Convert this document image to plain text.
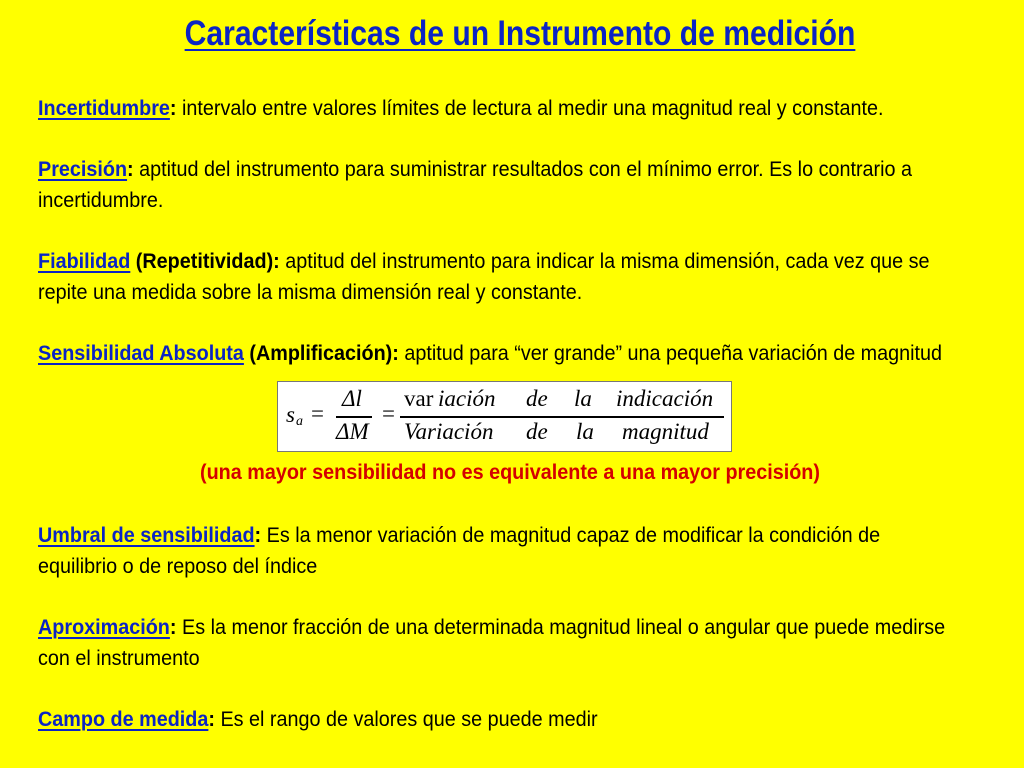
Características de un Instrumento de medición
Incertidumbre: intervalo entre valores límites de lectura al medir una magnitud real y constante.
Precisión: aptitud del instrumento para suministrar resultados con el mínimo error. Es lo contrario a incertidumbre.
Fiabilidad (Repetitividad): aptitud del instrumento para indicar la misma dimensión, cada vez que se repite una medida sobre la misma dimensión real y constante.
Sensibilidad Absoluta (Amplificación): aptitud para “ver grande” una pequeña variación de magnitud
s a =
Δl
ΔM
=
var iación de la indicación
Variación de la magnitud
(una mayor sensibilidad no es equivalente a una mayor precisión)
Umbral de sensibilidad: Es la menor variación de magnitud capaz de modificar la condición de equilibrio o de reposo del índice
Aproximación: Es la menor fracción de una determinada magnitud lineal o angular que puede medirse con el instrumento
Campo de medida: Es el rango de valores que se puede medir
